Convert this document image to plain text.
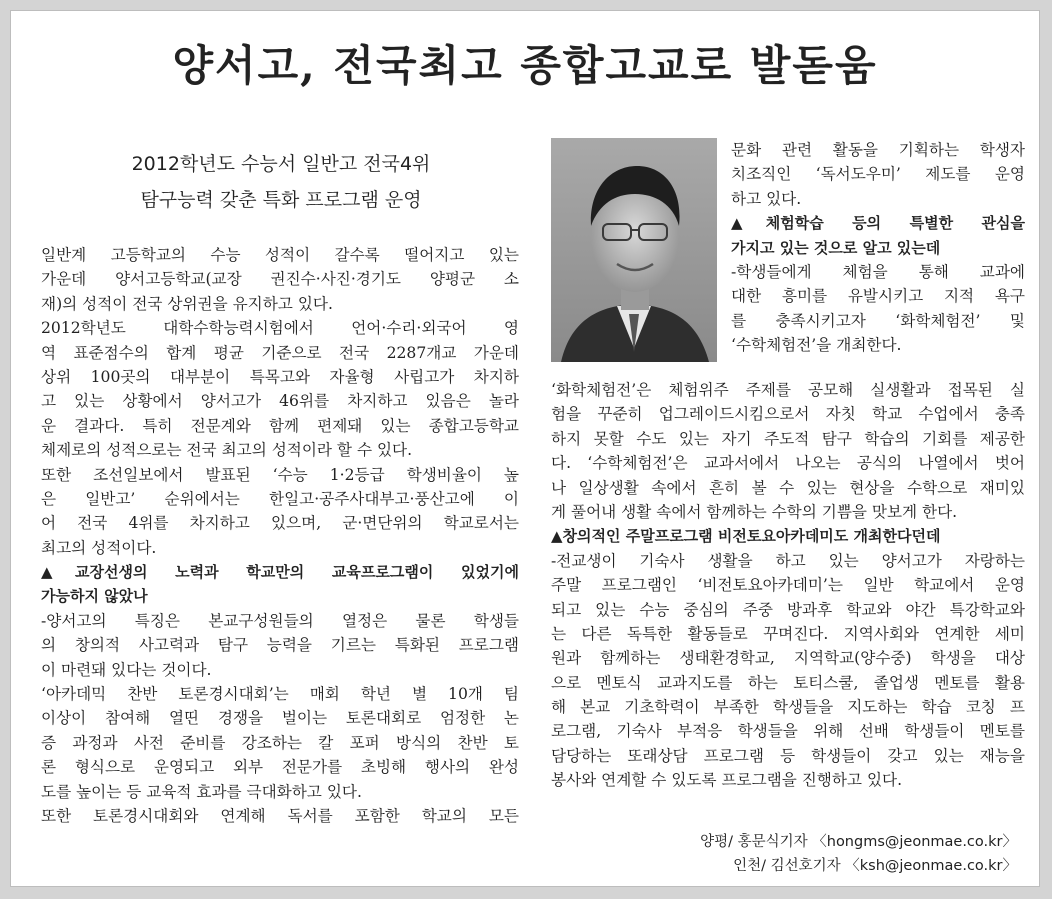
양서고, 전국최고 종합고교로 발돋움
2012학년도 수능서 일반고 전국4위
탐구능력 갖춘 특화 프로그램 운영
일반계 고등학교의 수능 성적이 갈수록 떨어지고 있는
가운데 양서고등학교(교장 권진수·사진·경기도 양평군 소
재)의 성적이 전국 상위권을 유지하고 있다.
2012학년도 대학수학능력시험에서 언어·수리·외국어 영
역 표준점수의 합계 평균 기준으로 전국 2287개교 가운데
상위 100곳의 대부분이 특목고와 자율형 사립고가 차지하
고 있는 상황에서 양서고가 46위를 차지하고 있음은 놀라
운 결과다. 특히 전문계와 함께 편제돼 있는 종합고등학교
체제로의 성적으로는 전국 최고의 성적이라 할 수 있다.
또한 조선일보에서 발표된 ‘수능 1·2등급 학생비율이 높
은 일반고’ 순위에서는 한일고·공주사대부고·풍산고에 이
어 전국 4위를 차지하고 있으며, 군·면단위의 학교로서는
최고의 성적이다.
▲교장선생의 노력과 학교만의 교육프로그램이 있었기에
가능하지 않았나
-양서고의 특징은 본교구성원들의 열정은 물론 학생들
의 창의적 사고력과 탐구 능력을 기르는 특화된 프로그램
이 마련돼 있다는 것이다.
‘아카데믹 찬반 토론경시대회’는 매회 학년 별 10개 팀
이상이 참여해 열띤 경쟁을 벌이는 토론대회로 엄정한 논
증 과정과 사전 준비를 강조하는 칼 포퍼 방식의 찬반 토
론 형식으로 운영되고 외부 전문가를 초빙해 행사의 완성
도를 높이는 등 교육적 효과를 극대화하고 있다.
또한 토론경시대회와 연계해 독서를 포함한 학교의 모든
문화 관련 활동을 기획하는 학생자
치조직인 ‘독서도우미’ 제도를 운영
하고 있다.
▲체험학습 등의 특별한 관심을
가지고 있는 것으로 알고 있는데
-학생들에게 체험을 통해 교과에
대한 흥미를 유발시키고 지적 욕구
를 충족시키고자 ‘화학체험전’ 및
‘수학체험전’을 개최한다.
‘화학체험전’은 체험위주 주제를 공모해 실생활과 접목된 실
험을 꾸준히 업그레이드시킴으로서 자칫 학교 수업에서 충족
하지 못할 수도 있는 자기 주도적 탐구 학습의 기회를 제공한
다. ‘수학체험전’은 교과서에서 나오는 공식의 나열에서 벗어
나 일상생활 속에서 흔히 볼 수 있는 현상을 수학으로 재미있
게 풀어내 생활 속에서 함께하는 수학의 기쁨을 맛보게 한다.
▲창의적인 주말프로그램 비전토요아카데미도 개최한다던데
-전교생이 기숙사 생활을 하고 있는 양서고가 자랑하는
주말 프로그램인 ‘비전토요아카데미’는 일반 학교에서 운영
되고 있는 수능 중심의 주중 방과후 학교와 야간 특강학교와
는 다른 독특한 활동들로 꾸며진다. 지역사회와 연계한 세미
원과 함께하는 생태환경학교, 지역학교(양수중) 학생을 대상
으로 멘토식 교과지도를 하는 토티스쿨, 졸업생 멘토를 활용
해 본교 기초학력이 부족한 학생들을 지도하는 학습 코칭 프
로그램, 기숙사 부적응 학생들을 위해 선배 학생들이 멘토를
담당하는 또래상담 프로그램 등 학생들이 갖고 있는 재능을
봉사와 연계할 수 있도록 프로그램을 진행하고 있다.
양평/ 홍문식기자 〈hongms@jeonmae.co.kr〉
인천/ 김선호기자 〈ksh@jeonmae.co.kr〉
